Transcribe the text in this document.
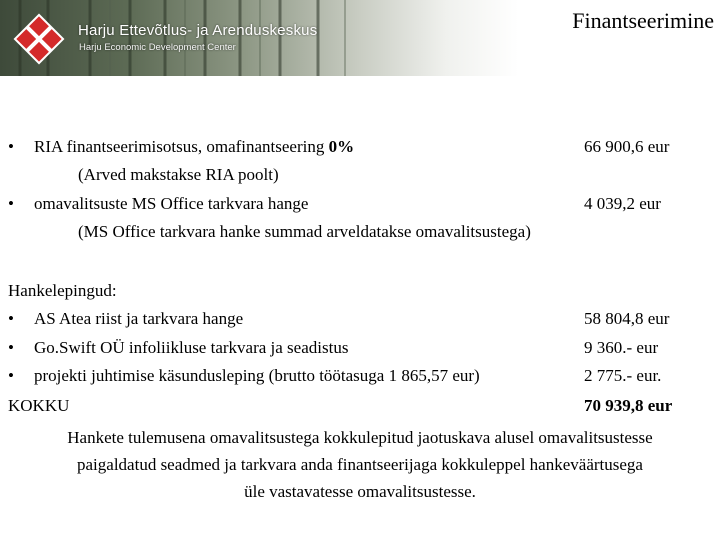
Harju Ettevõtlus- ja Arenduskeskus
Harju Economic Development Center
Finantseerimine
• RIA finantseerimisotsus, omafinantseering 0%	66 900,6 eur
(Arved makstakse RIA poolt)
• omavalitsuste MS Office tarkvara hange	4 039,2 eur
(MS Office tarkvara hanke summad arveldatakse omavalitsustega)
Hankelepingud:
• AS Atea riist ja tarkvara hange	58 804,8 eur
• Go.Swift OÜ infoliikluse tarkvara ja seadistus	9 360.- eur
• projekti juhtimise käsundusleping (brutto töötasuga 1 865,57 eur)	2 775.- eur.
KOKKU	70 939,8 eur
Hankete tulemusena omavalitsustega kokkulepitud jaotuskava alusel omavalitsustesse
paigaldatud seadmed ja tarkvara anda finantseerijaga kokkuleppel hankeväärtusega
üle vastavatesse omavalitsustesse.
